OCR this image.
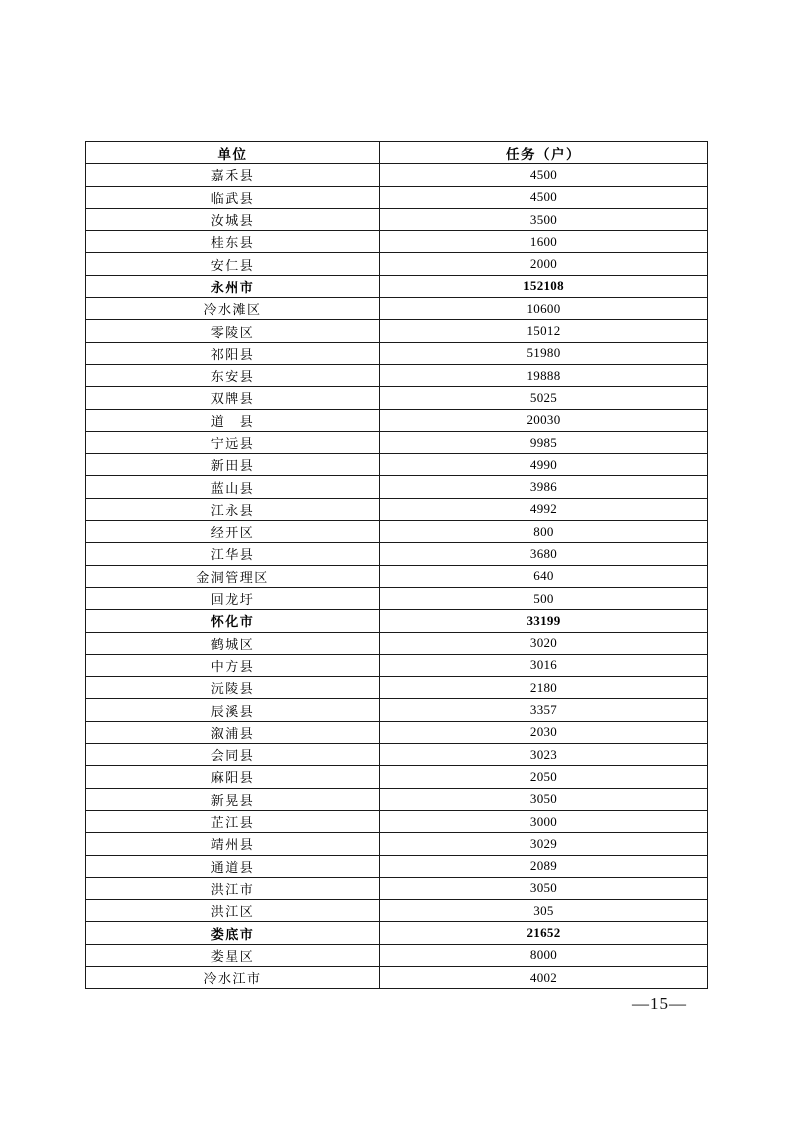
单位	任务（户）
嘉禾县	4500
临武县	4500
汝城县	3500
桂东县	1600
安仁县	2000
永州市	152108
冷水滩区	10600
零陵区	15012
祁阳县	51980
东安县	19888
双牌县	5025
道　县	20030
宁远县	9985
新田县	4990
蓝山县	3986
江永县	4992
经开区	800
江华县	3680
金洞管理区	640
回龙圩	500
怀化市	33199
鹤城区	3020
中方县	3016
沅陵县	2180
辰溪县	3357
溆浦县	2030
会同县	3023
麻阳县	2050
新晃县	3050
芷江县	3000
靖州县	3029
通道县	2089
洪江市	3050
洪江区	305
娄底市	21652
娄星区	8000
冷水江市	4002
—15—
